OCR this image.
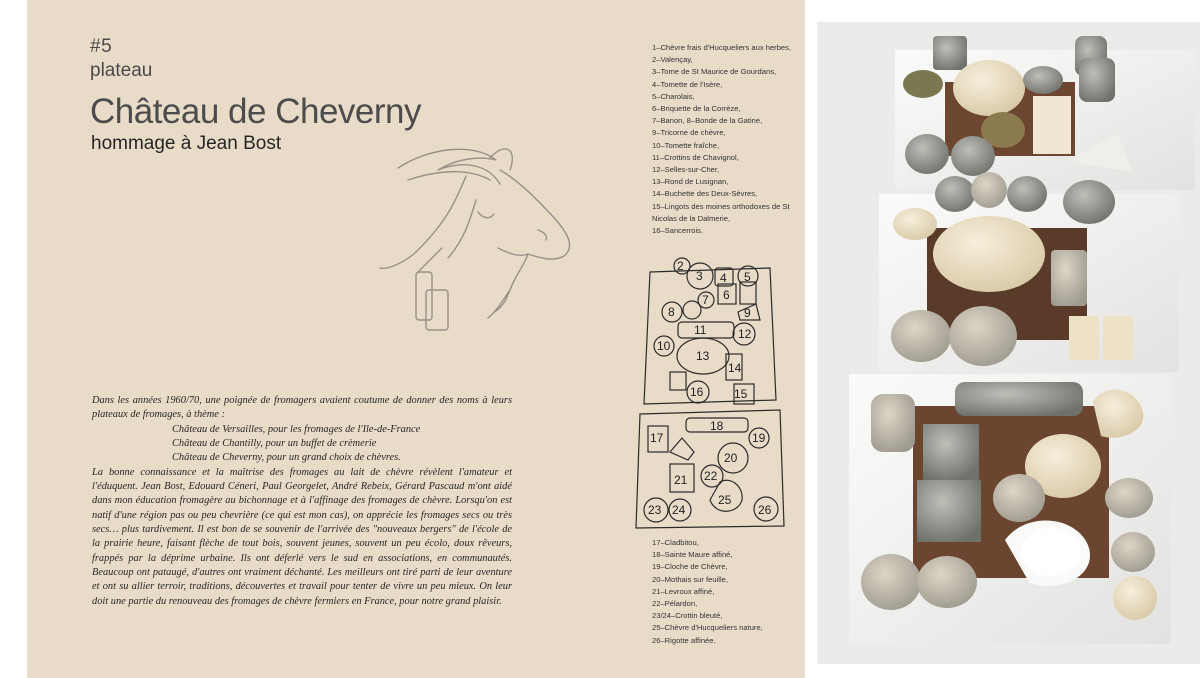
#5
plateau
Château de Cheverny
hommage à Jean Bost

Dans les années 1960/70, une poignée de fromagers avaient coutume de donner des noms à leurs plateaux de fromages, à thème :

Château de Versailles, pour les fromages de l'Ile-de-France

Château de Chantilly, pour un buffet de crèmerie

Château de Cheverny, pour un grand choix de chèvres.

La bonne connaissance et la maîtrise des fromages au lait de chèvre révèlent l'amateur et l'éduquent. Jean Bost, Edouard Céneri, Paul Georgelet, André Rebeix, Gérard Pascaud m'ont aidé dans mon éducation fromagère au bichonnage et à l'affinage des fromages de chèvre. Lorsqu'on est natif d'une région pas ou peu chevrière (ce qui est mon cas), on apprécie les fromages secs ou très secs… plus tardivement. Il est bon de se souvenir de l'arrivée des "nouveaux bergers" de l'école de la prairie heure, faisant flèche de tout bois, souvent jeunes, souvent un peu écolo, doux rêveurs, frappés par la déprime urbaine. Ils ont déferlé vers le sud en associations, en communautés. Beaucoup ont pataugé, d'autres ont vraiment déchanté. Les meilleurs ont tiré parti de leur aventure et ont su allier terroir, traditions, découvertes et travail pour tenter de vivre un peu mieux. On leur doit une partie du renouveau des fromages de chèvre fermiers en France, pour notre grand plaisir.

1–Chèvre frais d'Hucqueliers aux herbes,
2–Valençay,
3–Tome de St Maurice de Gourdans,
4–Tomette de l'Isère,
5–Charolais,
6–Briquette de la Corrèze,
7–Banon, 8–Bonde de la Gatine,
9–Tricorne de chèvre,
10–Tomette fraîche,
11–Crottins de Chavignol,
12–Selles-sur-Cher,
13–Rond de Lusignan,
14–Buchette des Deux-Sèvres,
15–Lingots des moines orthodoxes de St Nicolas de la Dalmerie,
16–Sancerrois.
2
3 4 5
6
7
8	9
10
11	12
13
14
16	15
17
18
19
20
21 22
23 24
25
26
17–Cladbitou,
18–Sainte Maure affiné,
19–Cloche de Chèvre,
20–Mothais sur feuille,
21–Levroux affiné,
22–Pélardon,
23/24–Crottin bleuté,
25–Chèvre d'Hucqueliers nature,
26–Rigotte affinée.
